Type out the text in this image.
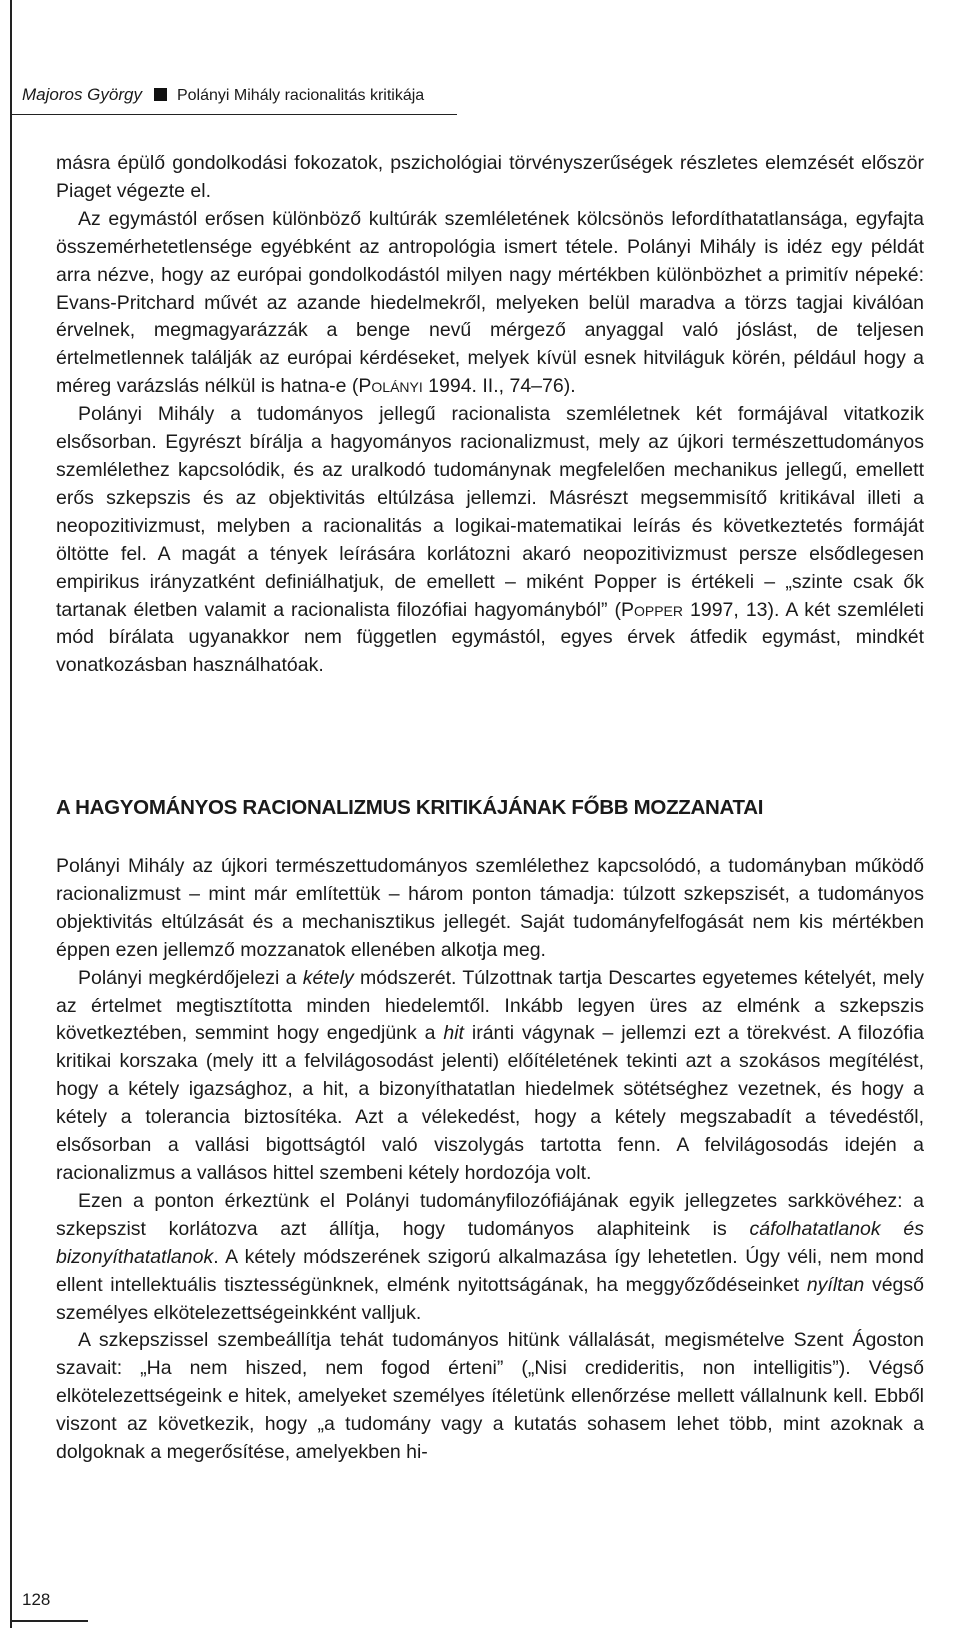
Majoros György Polányi Mihály racionalitás kritikája

másra épülő gondolkodási fokozatok, pszichológiai törvényszerűségek részletes elemzését először Piaget végezte el.

Az egymástól erősen különböző kultúrák szemléletének kölcsönös lefordíthatatlansága, egyfajta összemérhetetlensége egyébként az antropológia ismert tétele. Polányi Mihály is idéz egy példát arra nézve, hogy az európai gondolkodástól milyen nagy mértékben különbözhet a primitív népeké: Evans-Pritchard művét az azande hiedelmekről, melyeken belül maradva a törzs tagjai kiválóan érvelnek, megmagyarázzák a benge nevű mérgező anyaggal való jóslást, de teljesen értelmetlennek találják az európai kérdéseket, melyek kívül esnek hitviláguk körén, például hogy a méreg varázslás nélkül is hatna-e (Polányi 1994. II., 74–76).

Polányi Mihály a tudományos jellegű racionalista szemléletnek két formájával vitatkozik elsősorban. Egyrészt bírálja a hagyományos racionalizmust, mely az újkori természettudományos szemlélethez kapcsolódik, és az uralkodó tudománynak megfelelően mechanikus jellegű, emellett erős szkepszis és az objektivitás eltúlzása jellemzi. Másrészt megsemmisítő kritikával illeti a neopozitivizmust, melyben a racionalitás a logikai-matematikai leírás és következtetés formáját öltötte fel. A magát a tények leírására korlátozni akaró neopozitivizmust persze elsődlegesen empirikus irányzatként definiálhatjuk, de emellett – miként Popper is értékeli – „szinte csak ők tartanak életben valamit a racionalista filozófiai hagyományból” (Popper 1997, 13). A két szemléleti mód bírálata ugyanakkor nem független egymástól, egyes érvek átfedik egymást, mindkét vonatkozásban használhatóak.

A HAGYOMÁNYOS RACIONALIZMUS KRITIKÁJÁNAK FŐBB MOZZANATAI

Polányi Mihály az újkori természettudományos szemlélethez kapcsolódó, a tudományban működő racionalizmust – mint már említettük – három ponton támadja: túlzott szkepszisét, a tudományos objektivitás eltúlzását és a mechanisztikus jellegét. Saját tudományfelfogását nem kis mértékben éppen ezen jellemző mozzanatok ellenében alkotja meg.

Polányi megkérdőjelezi a kétely módszerét. Túlzottnak tartja Descartes egyetemes kételyét, mely az értelmet megtisztította minden hiedelemtől. Inkább legyen üres az elménk a szkepszis következtében, semmint hogy engedjünk a hit iránti vágynak – jellemzi ezt a törekvést. A filozófia kritikai korszaka (mely itt a felvilágosodást jelenti) előítéletének tekinti azt a szokásos megítélést, hogy a kétely igazsághoz, a hit, a bizonyíthatatlan hiedelmek sötétséghez vezetnek, és hogy a kétely a tolerancia biztosítéka. Azt a vélekedést, hogy a kétely megszabadít a tévedéstől, elsősorban a vallási bigottságtól való viszolygás tartotta fenn. A felvilágosodás idején a racionalizmus a vallásos hittel szembeni kétely hordozója volt.

Ezen a ponton érkeztünk el Polányi tudományfilozófiájának egyik jellegzetes sarkkövéhez: a szkepszist korlátozva azt állítja, hogy tudományos alaphiteink is cáfolhatatlanok és bizonyíthatatlanok. A kétely módszerének szigorú alkalmazása így lehetetlen. Úgy véli, nem mond ellent intellektuális tisztességünknek, elménk nyitottságának, ha meggyőződéseinket nyíltan végső személyes elkötelezettségeinkként valljuk.

A szkepszissel szembeállítja tehát tudományos hitünk vállalását, megismételve Szent Ágoston szavait: „Ha nem hiszed, nem fogod érteni” („Nisi credideritis, non intelligitis”). Végső elkötelezettségeink e hitek, amelyeket személyes ítéletünk ellenőrzése mellett vállalnunk kell. Ebből viszont az következik, hogy „a tudomány vagy a kutatás sohasem lehet több, mint azoknak a dolgoknak a megerősítése, amelyekben hi-

128
